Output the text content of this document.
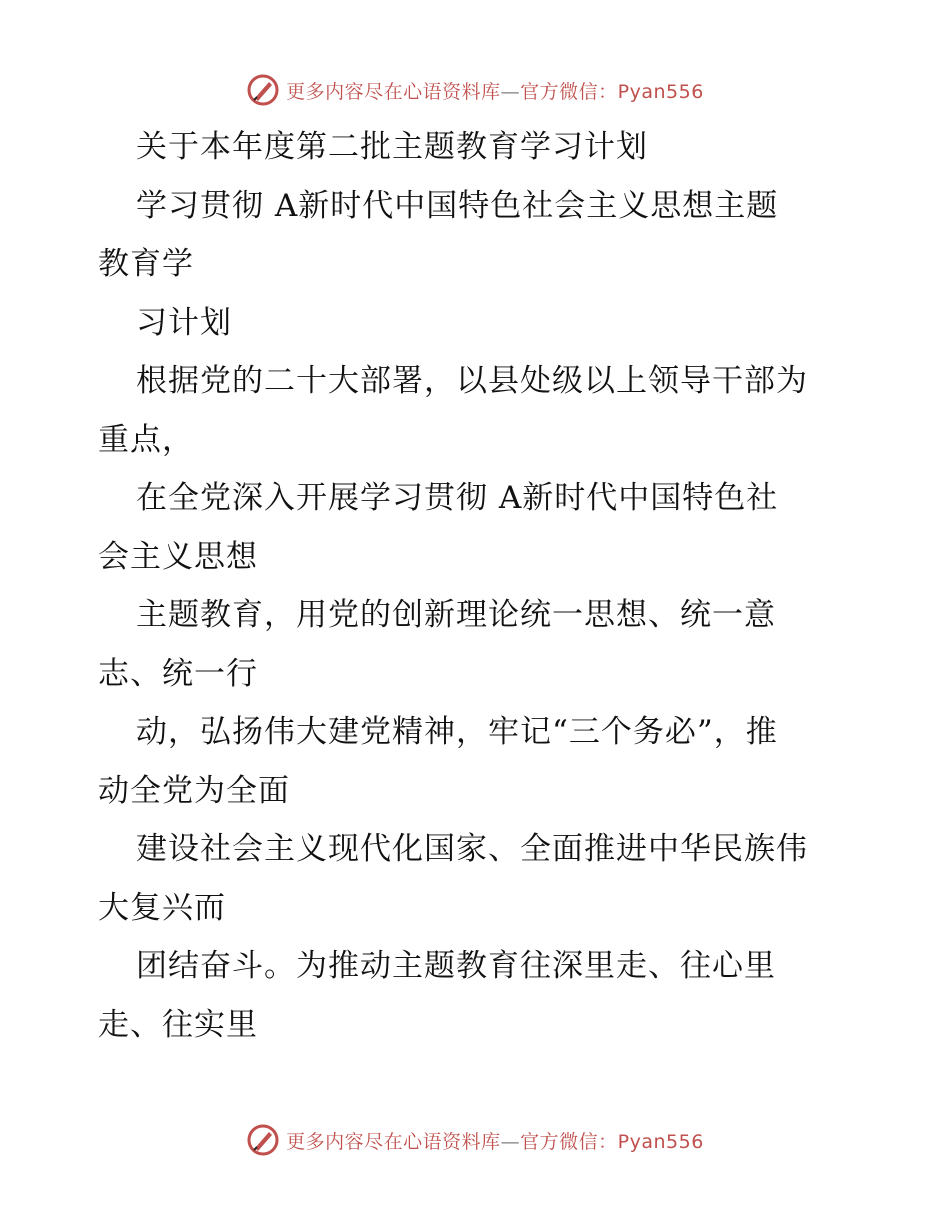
更多内容尽在心语资料库—官方微信：Pyan556
关于本年度第二批主题教育学习计划
学习贯彻 A新时代中国特色社会主义思想主题
教育学
习计划
根据党的二十大部署，以县处级以上领导干部为
重点，
在全党深入开展学习贯彻 A新时代中国特色社
会主义思想
主题教育，用党的创新理论统一思想、统一意
志、统一行
动，弘扬伟大建党精神，牢记“三个务必”，推
动全党为全面
建设社会主义现代化国家、全面推进中华民族伟
大复兴而
团结奋斗。为推动主题教育往深里走、往心里
走、往实里
更多内容尽在心语资料库—官方微信：Pyan556
